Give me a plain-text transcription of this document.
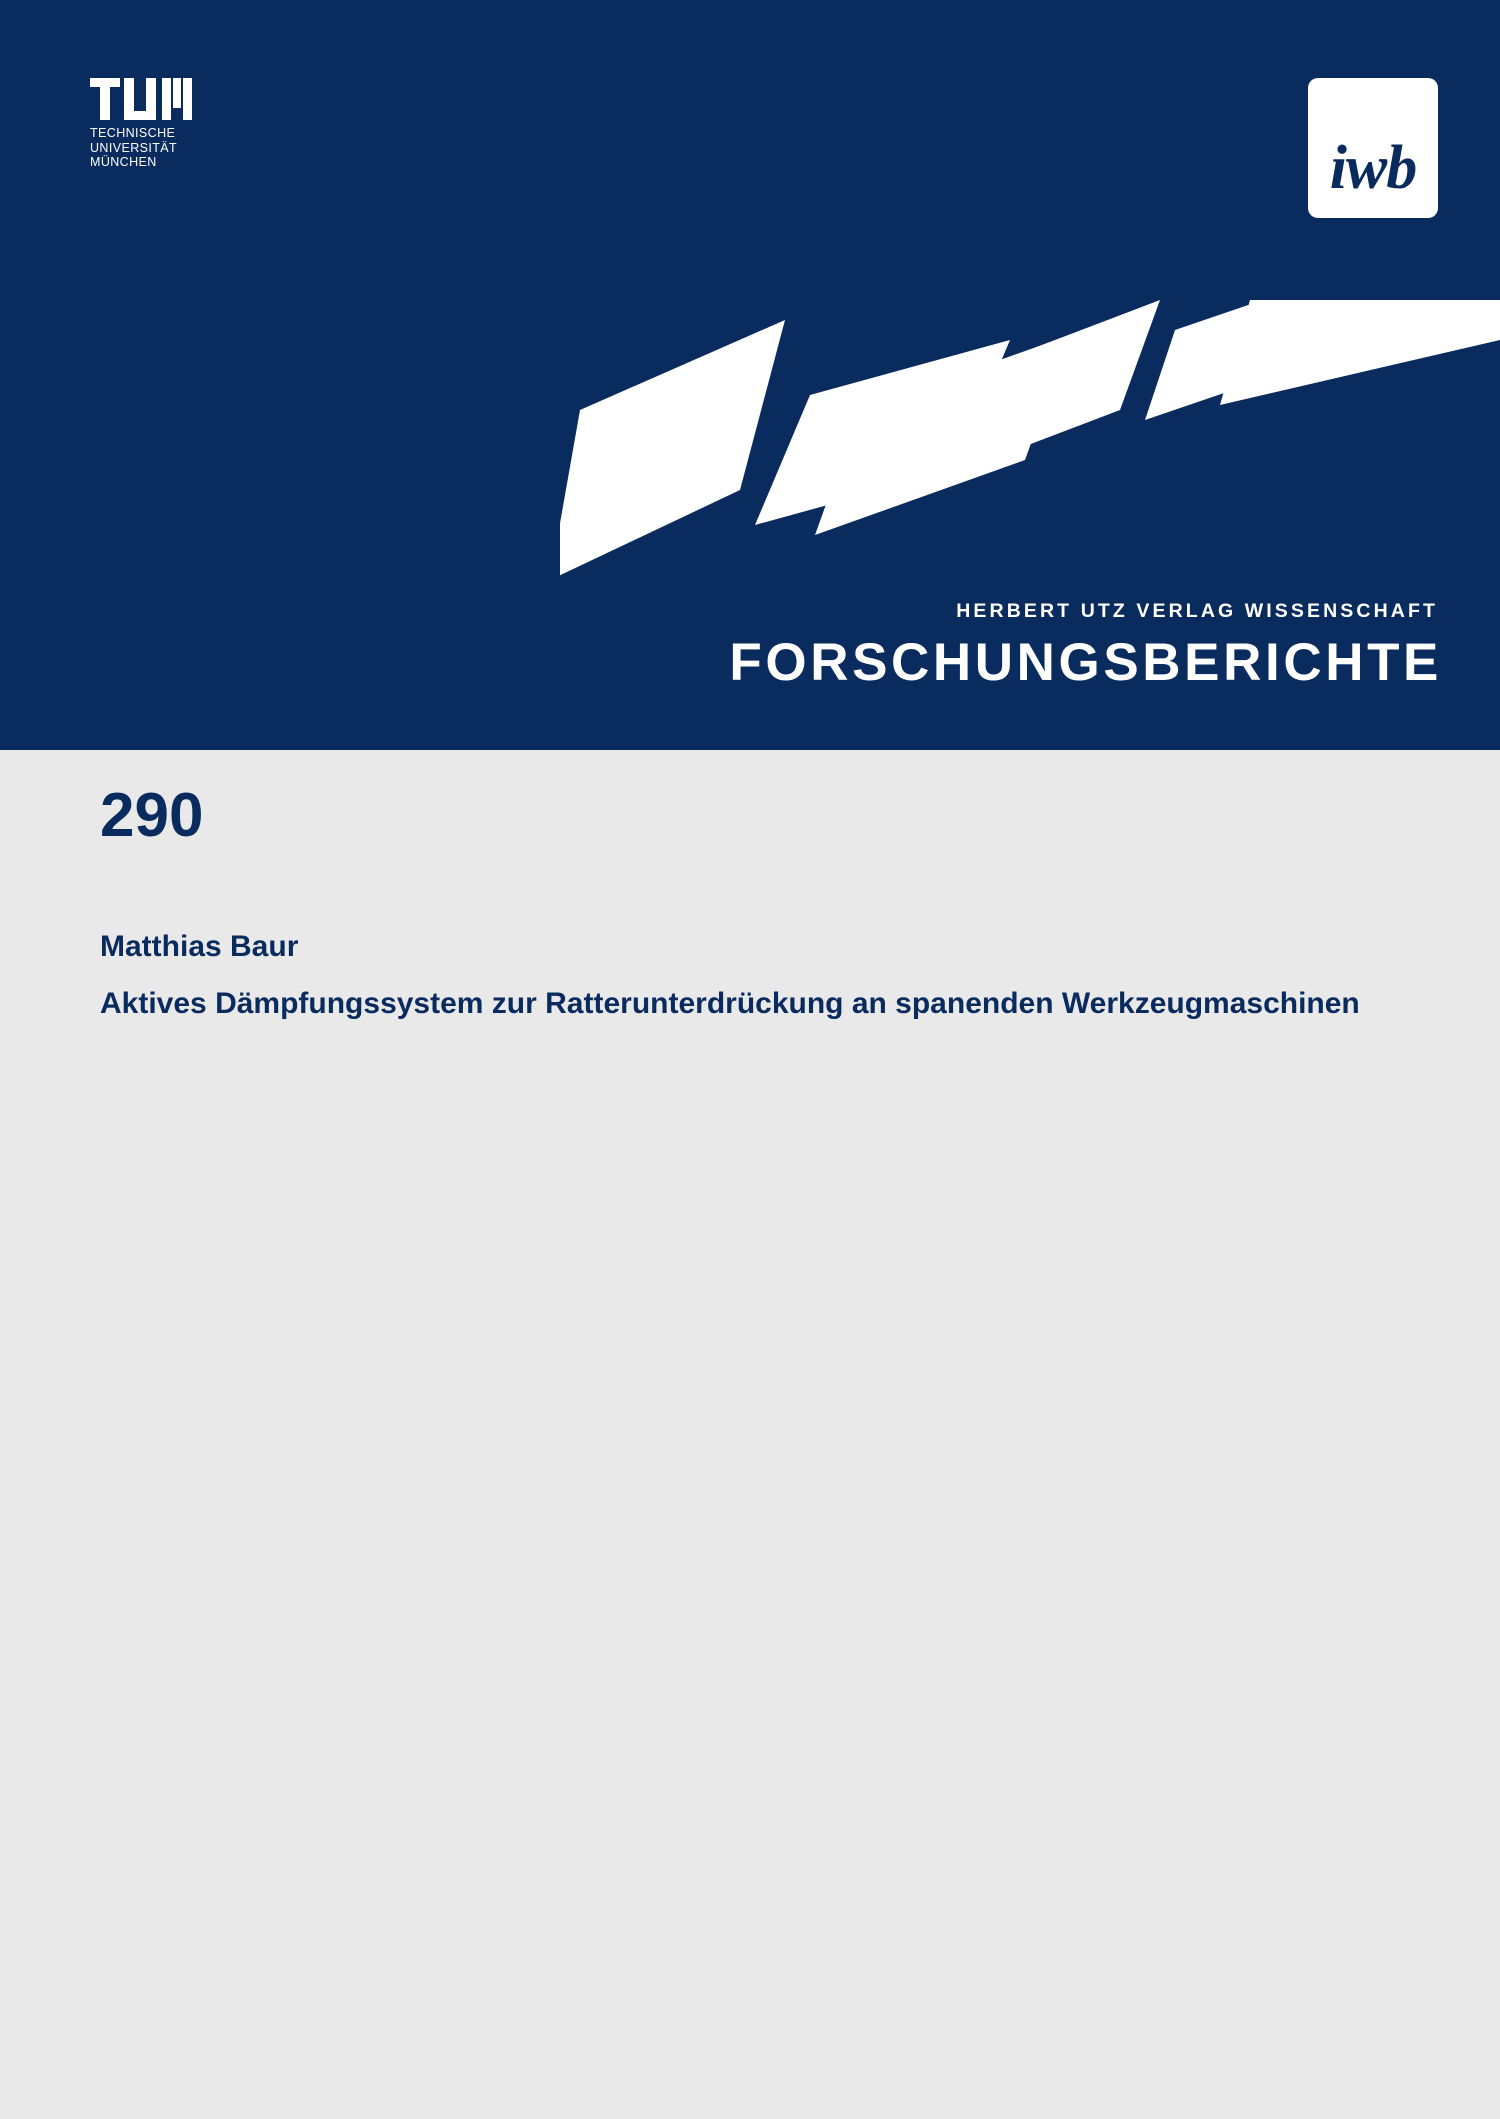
TECHNISCHE
UNIVERSITÄT
MÜNCHEN	iwb
HERBERT UTZ VERLAG WISSENSCHAFT
FORSCHUNGSBERICHTE
290
Matthias Baur
Aktives Dämpfungssystem zur Ratterunterdrückung an spanenden Werkzeugmaschinen
